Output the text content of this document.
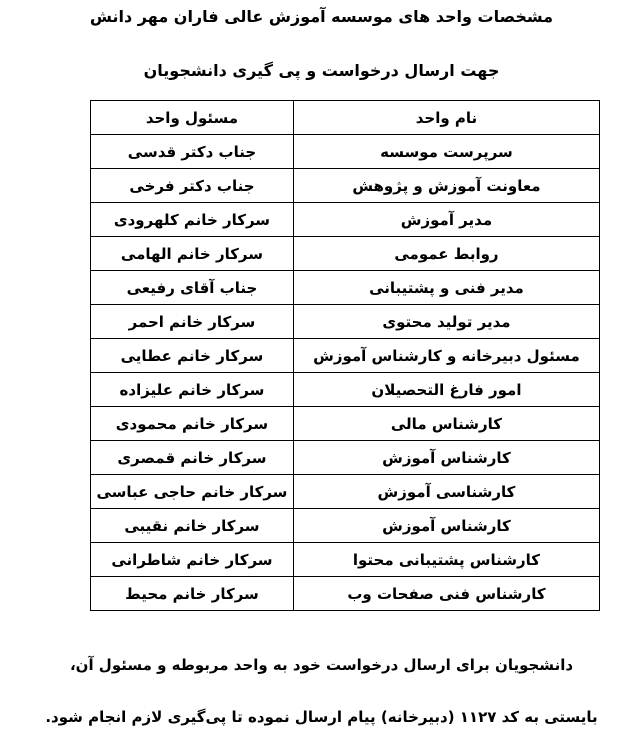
مشخصات واحد های موسسه آموزش عالی فاران مهر دانش
جهت ارسال درخواست و پی گیری دانشجویان
نام واحد	مسئول واحد
سرپرست موسسه	جناب دکتر قدسی
معاونت آموزش و پژوهش	جناب دکتر فرخی
مدیر آموزش	سرکار خانم کلهرودی
روابط عمومی	سرکار خانم الهامی
مدیر فنی و پشتیبانی	جناب آقای رفیعی
مدیر تولید محتوی	سرکار خانم احمر
مسئول دبیرخانه و کارشناس آموزش	سرکار خانم عطایی
امور فارغ التحصیلان	سرکار خانم علیزاده
کارشناس مالی	سرکار خانم محمودی
کارشناس آموزش	سرکار خانم قمصری
کارشناسی آموزش	سرکار خانم حاجی عباسی
کارشناس آموزش	سرکار خانم نقیبی
کارشناس پشتیبانی محتوا	سرکار خانم شاطرانی
کارشناس فنی صفحات وب	سرکار خانم محیط
دانشجویان برای ارسال درخواست خود به واحد مربوطه و مسئول آن،
بایستی به کد ۱۱۲۷ (دبیرخانه) پیام ارسال نموده تا پی‌گیری لازم انجام شود.
